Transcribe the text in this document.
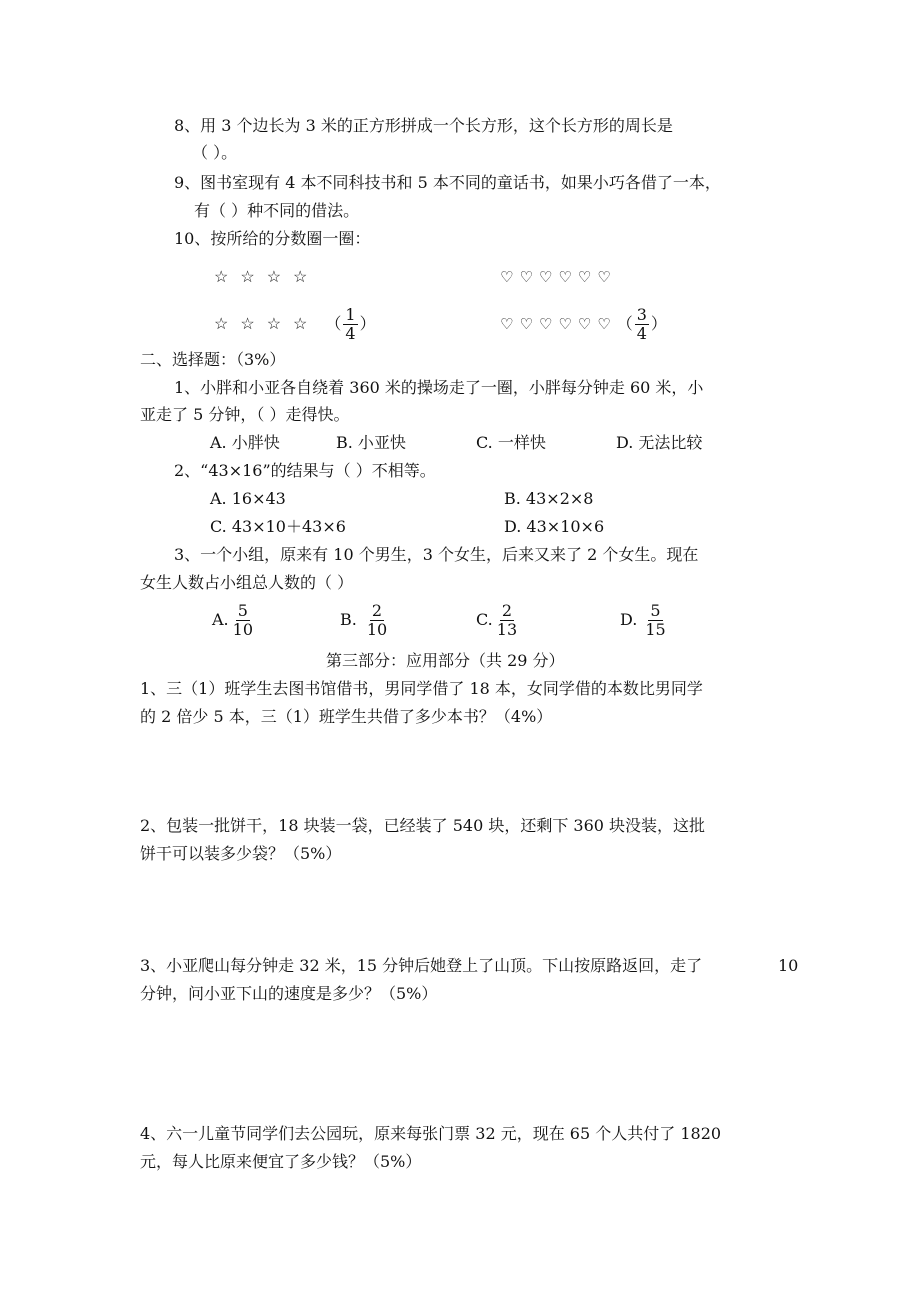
8、用 3 个边长为 3 米的正方形拼成一个长方形，这个长方形的周长是
（ ）。
9、图书室现有 4 本不同科技书和 5 本不同的童话书，如果小巧各借了一本，
有（ ）种不同的借法。
10、按所给的分数圈一圈：
☆☆☆☆	♡♡♡♡♡♡
☆☆☆☆ （ $\frac{1}{4}$ ）	♡♡♡♡♡♡ （ $\frac{3}{4}$ ）
二、选择题：（3%）
1、小胖和小亚各自绕着 360 米的操场走了一圈，小胖每分钟走 60 米，小
亚走了 5 分钟，（ ）走得快。
A. 小胖快	B. 小亚快	C. 一样快	D. 无法比较
2、“43×16”的结果与（ ）不相等。
A. 16×43	B. 43×2×8
C. 43×10＋43×6	D. 43×10×6
3、一个小组，原来有 10 个男生，3 个女生，后来又来了 2 个女生。现在
女生人数占小组总人数的（ ）
A. $\frac{5}{10}$	B. $\frac{2}{10}$	C. $\frac{2}{13}$	D. $\frac{5}{15}$
第三部分：应用部分（共 29 分）
1、三（1）班学生去图书馆借书，男同学借了 18 本，女同学借的本数比男同学
的 2 倍少 5 本，三（1）班学生共借了多少本书？（4%）
2、包装一批饼干，18 块装一袋，已经装了 540 块，还剩下 360 块没装，这批
饼干可以装多少袋？（5%）
3、小亚爬山每分钟走 32 米，15 分钟后她登上了山顶。下山按原路返回，走了	10
分钟，问小亚下山的速度是多少？（5%）
4、六一儿童节同学们去公园玩，原来每张门票 32 元，现在 65 个人共付了 1820
元，每人比原来便宜了多少钱？（5%）
